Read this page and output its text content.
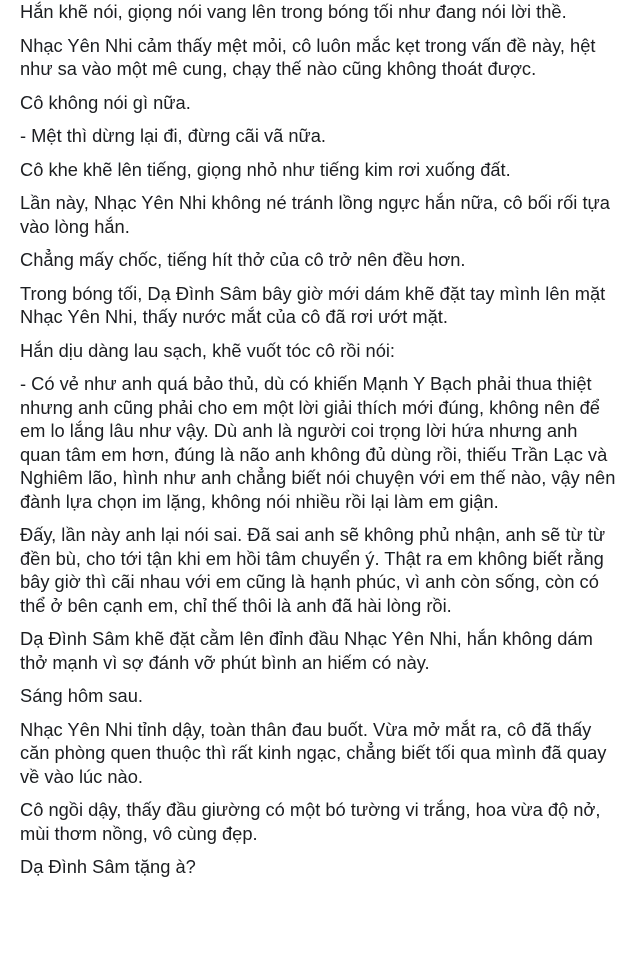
Hắn khẽ nói, giọng nói vang lên trong bóng tối như đang nói lời thề.

Nhạc Yên Nhi cảm thấy mệt mỏi, cô luôn mắc kẹt trong vấn đề này, hệt như sa vào một mê cung, chạy thế nào cũng không thoát được.

Cô không nói gì nữa.

- Mệt thì dừng lại đi, đừng cãi vã nữa.

Cô khe khẽ lên tiếng, giọng nhỏ như tiếng kim rơi xuống đất.

Lần này, Nhạc Yên Nhi không né tránh lồng ngực hắn nữa, cô bối rối tựa vào lòng hắn.

Chẳng mấy chốc, tiếng hít thở của cô trở nên đều hơn.

Trong bóng tối, Dạ Đình Sâm bây giờ mới dám khẽ đặt tay mình lên mặt Nhạc Yên Nhi, thấy nước mắt của cô đã rơi ướt mặt.

Hắn dịu dàng lau sạch, khẽ vuốt tóc cô rồi nói:

- Có vẻ như anh quá bảo thủ, dù có khiến Mạnh Y Bạch phải thua thiệt nhưng anh cũng phải cho em một lời giải thích mới đúng, không nên để em lo lắng lâu như vậy. Dù anh là người coi trọng lời hứa nhưng anh quan tâm em hơn, đúng là não anh không đủ dùng rồi, thiếu Trần Lạc và Nghiêm lão, hình như anh chẳng biết nói chuyện với em thế nào, vậy nên đành lựa chọn im lặng, không nói nhiều rồi lại làm em giận.

Đấy, lần này anh lại nói sai. Đã sai anh sẽ không phủ nhận, anh sẽ từ từ đền bù, cho tới tận khi em hồi tâm chuyển ý. Thật ra em không biết rằng bây giờ thì cãi nhau với em cũng là hạnh phúc, vì anh còn sống, còn có thể ở bên cạnh em, chỉ thế thôi là anh đã hài lòng rồi.

Dạ Đình Sâm khẽ đặt cằm lên đỉnh đầu Nhạc Yên Nhi, hắn không dám thở mạnh vì sợ đánh vỡ phút bình an hiếm có này.

Sáng hôm sau.

Nhạc Yên Nhi tỉnh dậy, toàn thân đau buốt. Vừa mở mắt ra, cô đã thấy căn phòng quen thuộc thì rất kinh ngạc, chẳng biết tối qua mình đã quay về vào lúc nào.

Cô ngồi dậy, thấy đầu giường có một bó tường vi trắng, hoa vừa độ nở, mùi thơm nồng, vô cùng đẹp.

Dạ Đình Sâm tặng à?
